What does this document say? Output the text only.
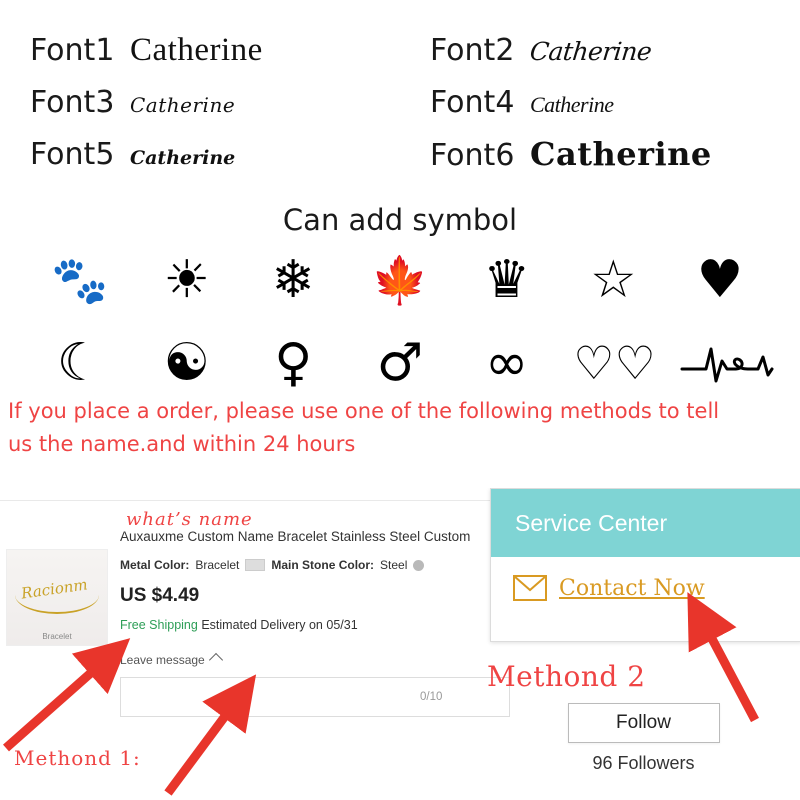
Font1 Catherine	Font2 Catherine
Font3 Catherine	Font4 Catherine
Font5 Catherine	Font6 Catherine
Can add symbol
🐾	☀	❄	🍁	♛	☆	♥
☾	☯	♀	♂	∞ ♡♡
If you place a order, please use one of the following methods to tell
us the name.and within 24 hours
Racionm
Bracelet
Auxauxme Custom Name Bracelet Stainless Steel Custom
Metal Color: Bracelet	Main Stone Color: Steel
US $4.49
Free Shipping Estimated Delivery on 05/31
Leave message
what’s name
0/10
Service Center
Contact Now
Methond 2
Follow
96 Followers
Methond 1:
